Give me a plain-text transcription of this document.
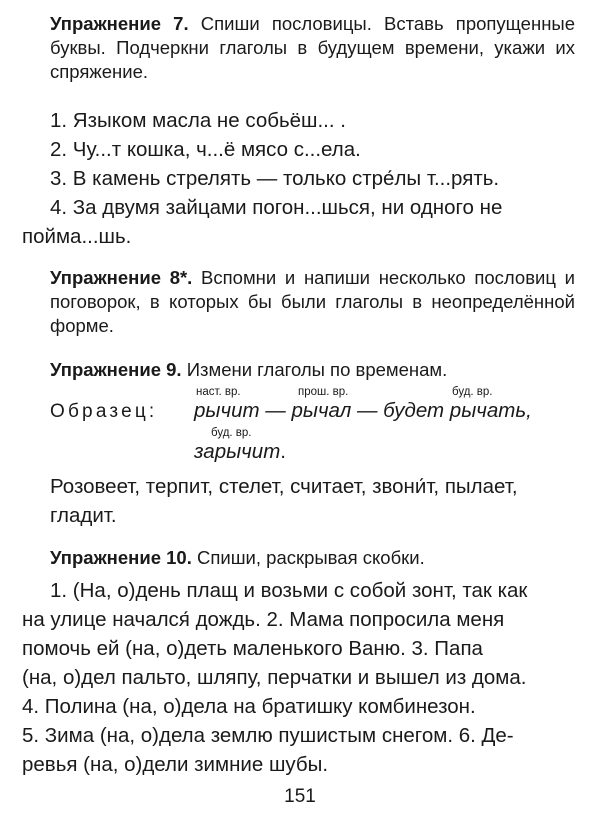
Упражнение 7. Спиши пословицы. Вставь пропущенные буквы. Подчеркни глаголы в будущем времени, укажи их спряжение.
1. Языком масла не собьёш... .
2. Чу...т кошка, ч...ё мясо с...ела.
3. В камень стрелять — только стре́лы т...рять.
4. За двумя зайцами погон...шься, ни одного не
пойма...шь.
Упражнение 8*. Вспомни и напиши несколько пословиц и поговорок, в которых бы были глаголы в неопределённой форме.
Упражнение 9. Измени глаголы по временам.
наст. вр.	прош. вр.	буд. вр.
Образец: рычит — рычал — будет рычать,
буд. вр.
зарычит.
Розовеет, терпит, стелет, считает, звони́т, пылает, гладит.
Упражнение 10. Спиши, раскрывая скобки.
1. (На, о)день плащ и возьми с собой зонт, так как
на улице начался́ дождь. 2. Мама попросила меня
помочь ей (на, о)деть маленького Ваню. 3. Папа
(на, о)дел пальто, шляпу, перчатки и вышел из дома.
4. Полина (на, о)дела на братишку комбинезон.
5. Зима (на, о)дела землю пушистым снегом. 6. Де-
ревья (на, о)дели зимние шубы.
151
